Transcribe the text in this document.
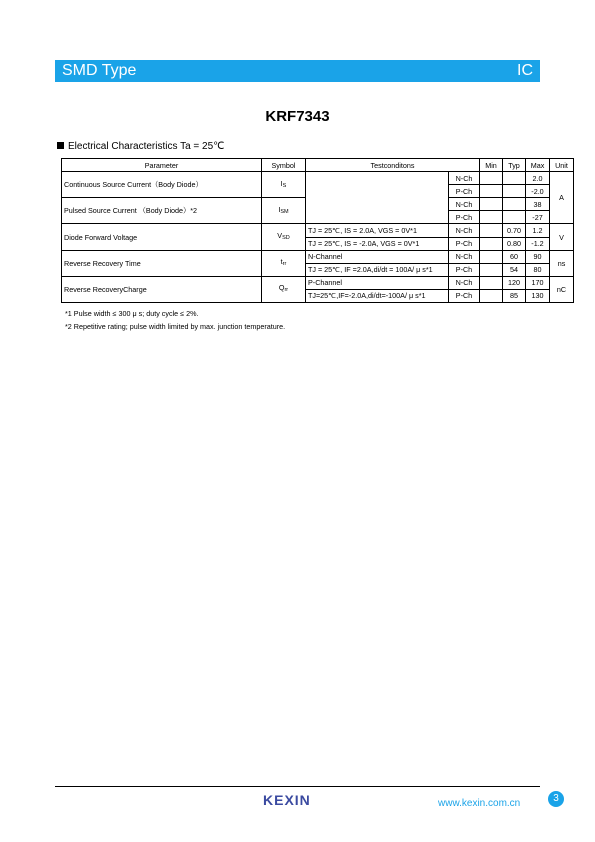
SMD Type	IC
KRF7343
Electrical Characteristics Ta = 25℃
Parameter	Symbol	Testconditons		Min	Typ	Max	Unit
Continuous Source Current（Body Diode）	IS		N-Ch			2.0	A
			P-Ch			-2.0	
Pulsed Source Current （Body Diode）*2	ISM		N-Ch			38	
			P-Ch			-27	
Diode Forward Voltage	VSD	TJ = 25℃, IS = 2.0A, VGS = 0V*1	N-Ch		0.70	1.2	V
		TJ = 25℃, IS = -2.0A, VGS = 0V*1	P-Ch		0.80	-1.2	
Reverse Recovery Time	trr	N-Channel	N-Ch		60	90	ns
		TJ = 25℃, IF =2.0A,di/dt = 100A/ μ s*1	P-Ch		54	80	
Reverse RecoveryCharge	Qrr	P-Channel	N-Ch		120	170	nC
		TJ=25℃,IF=-2.0A,di/dt=-100A/ μ s*1	P-Ch		85	130	
*1 Pulse width ≤ 300 μ s; duty cycle ≤ 2%.
*2 Repetitive rating; pulse width limited by max. junction temperature.
KEXIN	www.kexin.com.cn	3
